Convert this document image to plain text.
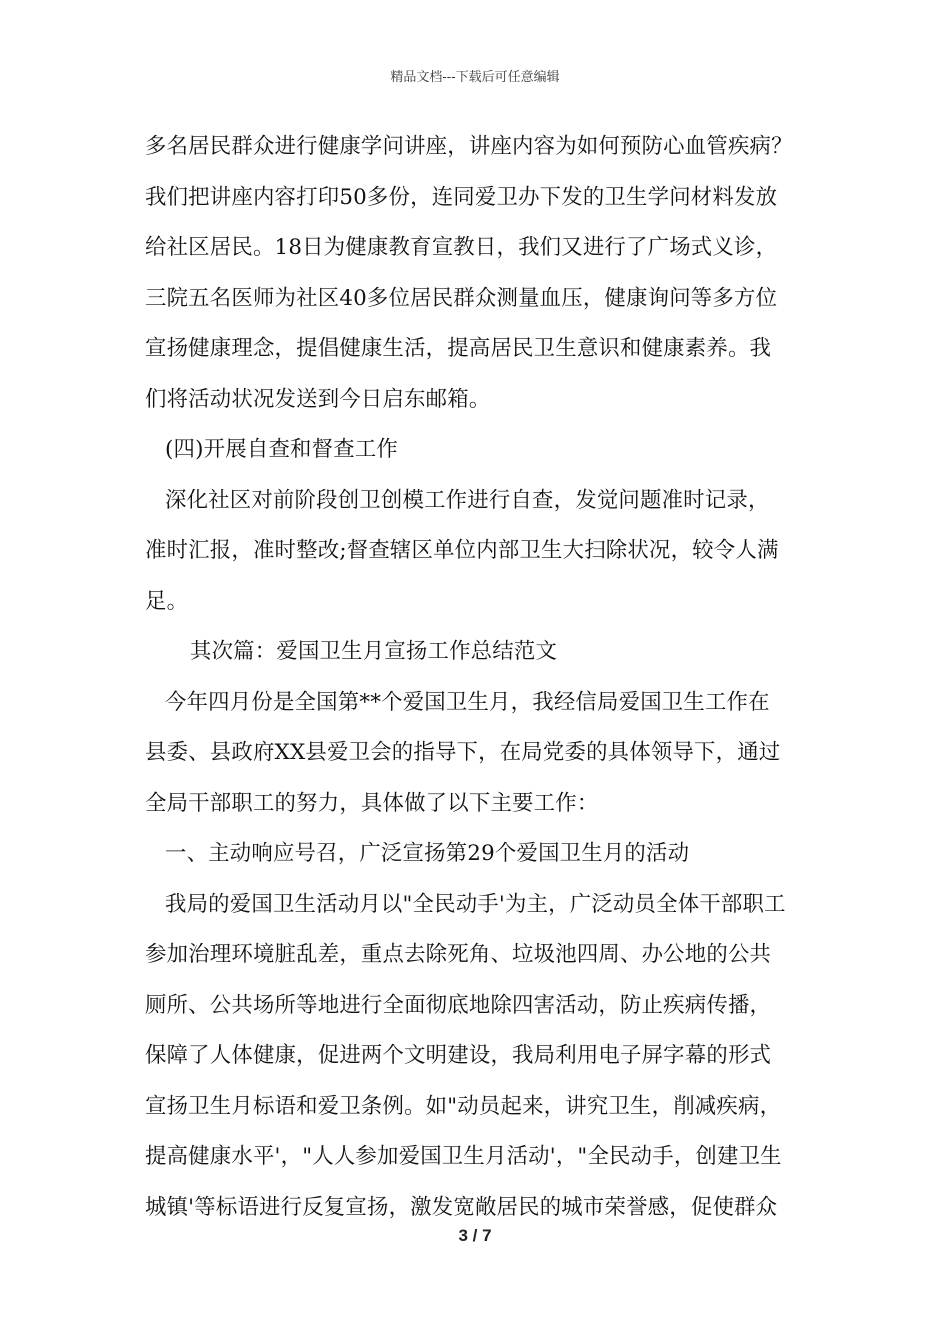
精品文档---下载后可任意编辑
多名居民群众进行健康学问讲座，讲座内容为如何预防心血管疾病？
我们把讲座内容打印50多份，连同爱卫办下发的卫生学问材料发放
给社区居民。18日为健康教育宣教日，我们又进行了广场式义诊，
三院五名医师为社区40多位居民群众测量血压，健康询问等多方位
宣扬健康理念，提倡健康生活，提高居民卫生意识和健康素养。我
们将活动状况发送到今日启东邮箱。
(四)开展自查和督查工作
深化社区对前阶段创卫创模工作进行自查，发觉问题准时记录，
准时汇报，准时整改;督查辖区单位内部卫生大扫除状况，较令人满
足。
其次篇：爱国卫生月宣扬工作总结范文
今年四月份是全国第**个爱国卫生月，我经信局爱国卫生工作在
县委、县政府XX县爱卫会的指导下，在局党委的具体领导下，通过
全局干部职工的努力，具体做了以下主要工作：
一、主动响应号召，广泛宣扬第29个爱国卫生月的活动
我局的爱国卫生活动月以"全民动手'为主，广泛动员全体干部职工
参加治理环境脏乱差，重点去除死角、垃圾池四周、办公地的公共
厕所、公共场所等地进行全面彻底地除四害活动，防止疾病传播，
保障了人体健康，促进两个文明建设，我局利用电子屏字幕的形式
宣扬卫生月标语和爱卫条例。如"动员起来，讲究卫生，削减疾病，
提高健康水平'，"人人参加爱国卫生月活动'，"全民动手，创建卫生
城镇'等标语进行反复宣扬，激发宽敞居民的城市荣誉感，促使群众
3 / 7
